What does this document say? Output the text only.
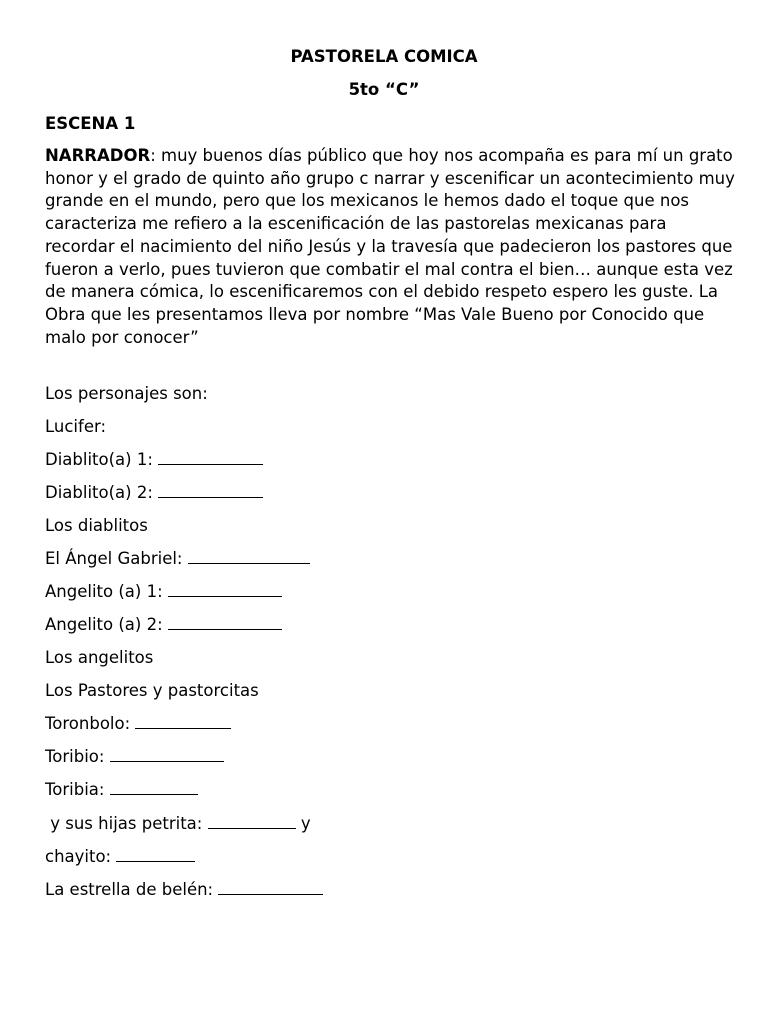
PASTORELA COMICA
5to “C”
ESCENA 1
NARRADOR: muy buenos días público que hoy nos acompaña es para mí un grato honor y el grado de quinto año grupo c narrar y escenificar un acontecimiento muy grande en el mundo, pero que los mexicanos le hemos dado el toque que nos caracteriza me refiero a la escenificación de las pastorelas mexicanas para recordar el nacimiento del niño Jesús y la travesía que padecieron los pastores que fueron a verlo, pues tuvieron que combatir el mal contra el bien… aunque esta vez de manera cómica, lo escenificaremos con el debido respeto espero les guste. La Obra que les presentamos lleva por nombre “Mas Vale Bueno por Conocido que malo por conocer”
Los personajes son:
Lucifer:
Diablito(a) 1:
Diablito(a) 2:
Los diablitos
El Ángel Gabriel:
Angelito (a) 1:
Angelito (a) 2:
Los angelitos
Los Pastores y pastorcitas
Toronbolo:
Toribio:
Toribia:
y sus hijas petrita:	y
chayito:
La estrella de belén:
